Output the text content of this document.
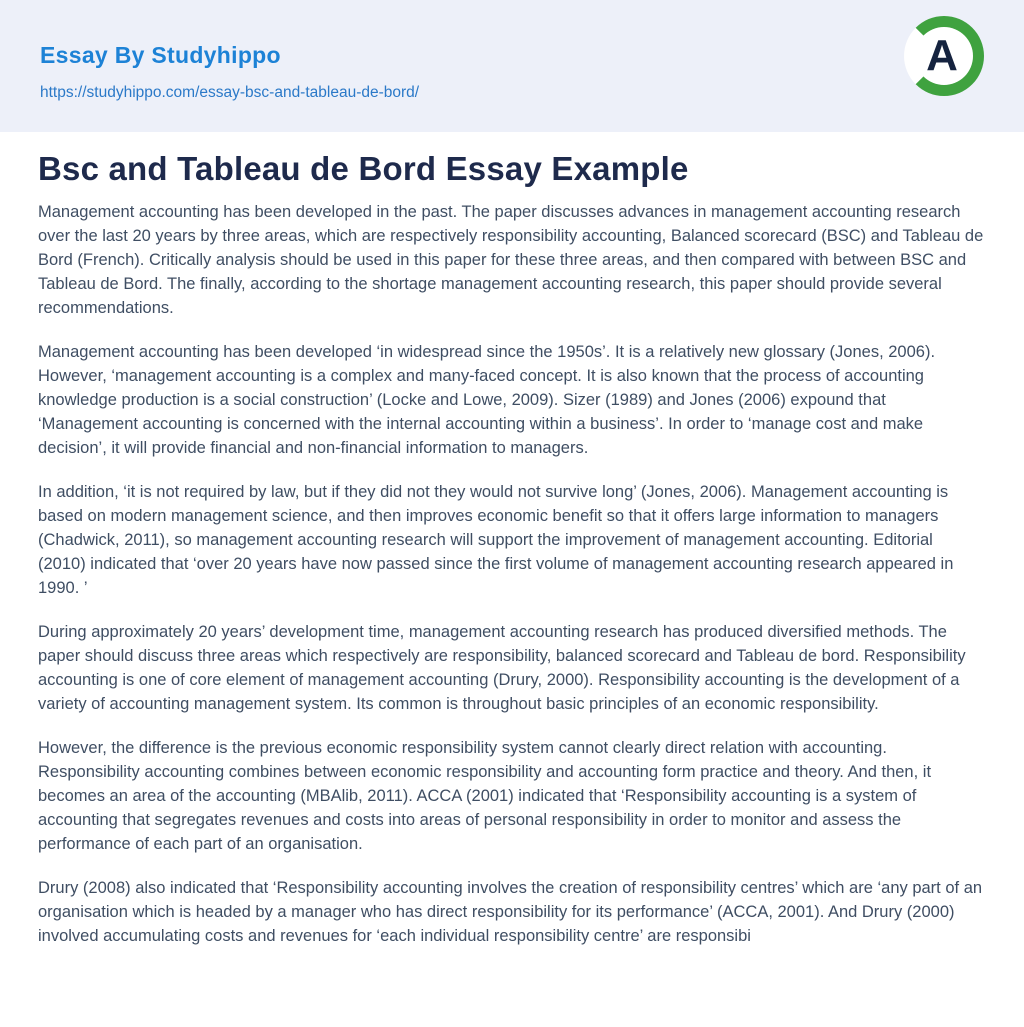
Essay By Studyhippo
https://studyhippo.com/essay-bsc-and-tableau-de-bord/
A
Bsc and Tableau de Bord Essay Example

Management accounting has been developed in the past. The paper discusses advances in management accounting research over the last 20 years by three areas, which are respectively responsibility accounting, Balanced scorecard (BSC) and Tableau de Bord (French). Critically analysis should be used in this paper for these three areas, and then compared with between BSC and Tableau de Bord. The finally, according to the shortage management accounting research, this paper should provide several recommendations.

Management accounting has been developed ‘in widespread since the 1950s’. It is a relatively new glossary (Jones, 2006). However, ‘management accounting is a complex and many-faced concept. It is also known that the process of accounting knowledge production is a social construction’ (Locke and Lowe, 2009). Sizer (1989) and Jones (2006) expound that ‘Management accounting is concerned with the internal accounting within a business’. In order to ‘manage cost and make decision’, it will provide financial and non-financial information to managers.

In addition, ‘it is not required by law, but if they did not they would not survive long’ (Jones, 2006). Management accounting is based on modern management science, and then improves economic benefit so that it offers large information to managers (Chadwick, 2011), so management accounting research will support the improvement of management accounting. Editorial (2010) indicated that ‘over 20 years have now passed since the first volume of management accounting research appeared in 1990. ’

During approximately 20 years’ development time, management accounting research has produced diversified methods. The paper should discuss three areas which respectively are responsibility, balanced scorecard and Tableau de bord. Responsibility accounting is one of core element of management accounting (Drury, 2000). Responsibility accounting is the development of a variety of accounting management system. Its common is throughout basic principles of an economic responsibility.

However, the difference is the previous economic responsibility system cannot clearly direct relation with accounting. Responsibility accounting combines between economic responsibility and accounting form practice and theory. And then, it becomes an area of the accounting (MBAlib, 2011). ACCA (2001) indicated that ‘Responsibility accounting is a system of accounting that segregates revenues and costs into areas of personal responsibility in order to monitor and assess the performance of each part of an organisation.

Drury (2008) also indicated that ‘Responsibility accounting involves the creation of responsibility centres’ which are ‘any part of an organisation which is headed by a manager who has direct responsibility for its performance’ (ACCA, 2001). And Drury (2000) involved accumulating costs and revenues for ‘each individual responsibility centre’ are responsibi
